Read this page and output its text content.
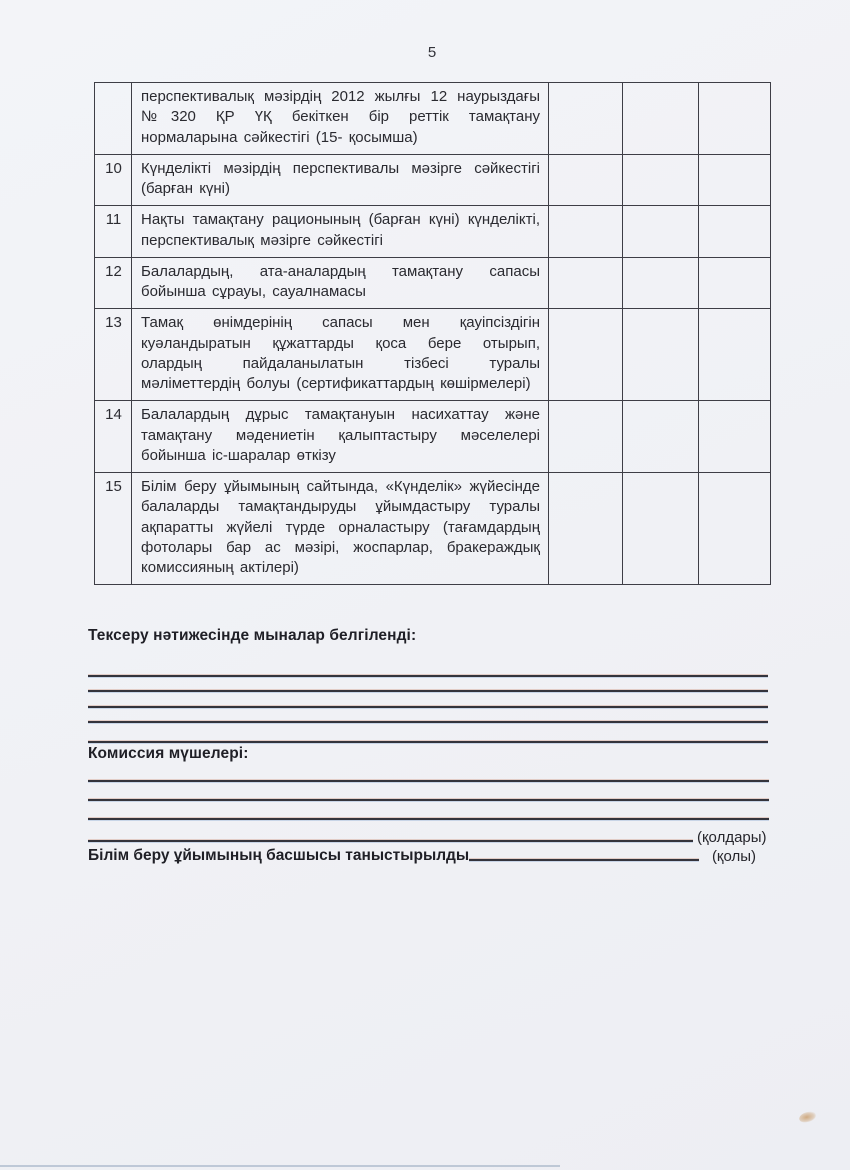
5
	перспективалық мәзірдің 2012 жылғы 12 наурыздағы №320 ҚР ҮҚ бекіткен бір реттік тамақтану нормаларына сәйкестігі (15- қосымша)			
10	Күнделікті мәзірдің перспективалы мәзірге сәйкестігі (барған күні)			
11	Нақты тамақтану рационының (барған күні) күнделікті, перспективалық мәзірге сәйкестігі			
12	Балалардың, ата-аналардың тамақтану сапасы бойынша сұрауы, сауалнамасы			
13	Тамақ өнімдерінің сапасы мен қауіпсіздігін куәландыратын құжаттарды қоса бере отырып, олардың пайдаланылатын тізбесі туралы мәліметтердің болуы (сертификаттардың көшірмелері)			
14	Балалардың дұрыс тамақтануын насихаттау және тамақтану мәдениетін қалыптастыру мәселелері бойынша іс-шаралар өткізу			
15	Білім беру ұйымының сайтында, «Күнделік» жүйесінде балаларды тамақтандыруды ұйымдастыру туралы ақпаратты жүйелі түрде орналастыру (тағамдардың фотолары бар ас мәзірі, жоспарлар, бракераждық комиссияның актілері)			
Тексеру нәтижесінде мыналар белгіленді:
Комиссия мүшелері:
(қолдары)
Білім беру ұйымының басшысы таныстырылды	(қолы)
